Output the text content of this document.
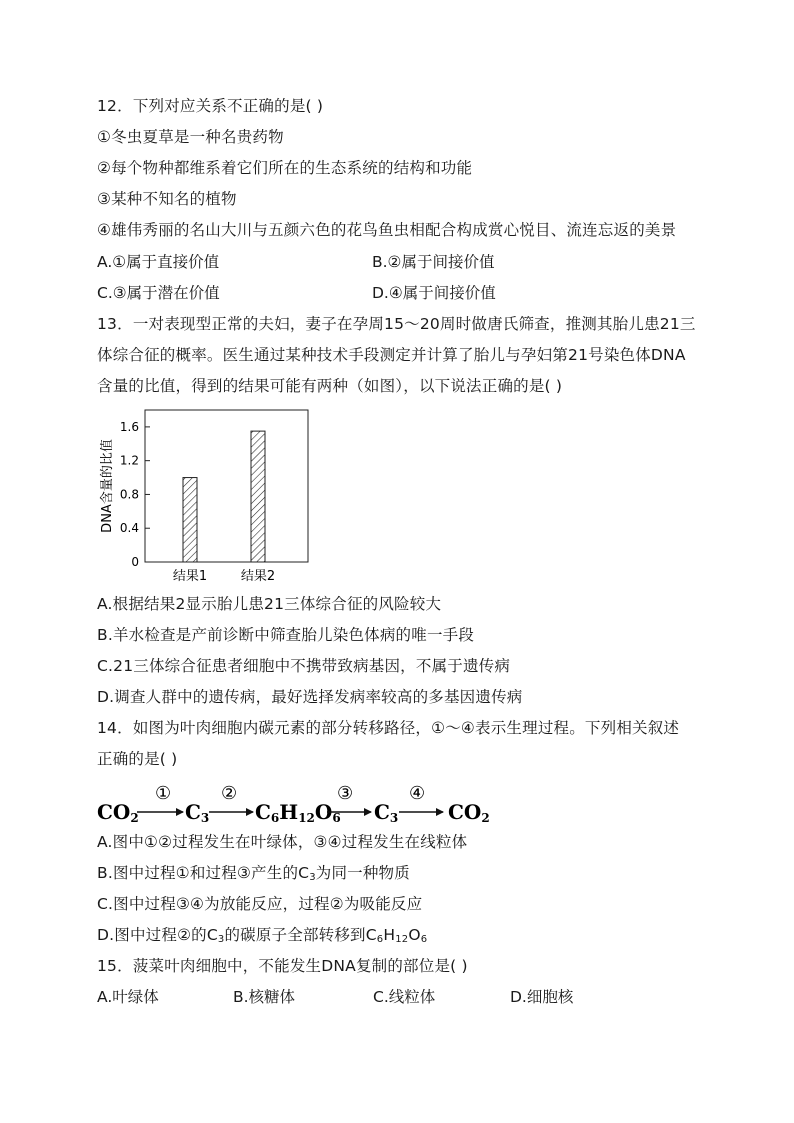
12．下列对应关系不正确的是( )
①冬虫夏草是一种名贵药物
②每个物种都维系着它们所在的生态系统的结构和功能
③某种不知名的植物
④雄伟秀丽的名山大川与五颜六色的花鸟鱼虫相配合构成赏心悦目、流连忘返的美景
A.①属于直接价值	B.②属于间接价值
C.③属于潜在价值	D.④属于间接价值
13．一对表现型正常的夫妇，妻子在孕周15～20周时做唐氏筛查，推测其胎儿患21三
体综合征的概率。医生通过某种技术手段测定并计算了胎儿与孕妇第21号染色体DNA
含量的比值，得到的结果可能有两种（如图），以下说法正确的是( )
0
0.4
0.8
1.2
1.6
结果1	结果2
DNA含量的比值
A.根据结果2显示胎儿患21三体综合征的风险较大
B.羊水检查是产前诊断中筛查胎儿染色体病的唯一手段
C.21三体综合征患者细胞中不携带致病基因，不属于遗传病
D.调查人群中的遗传病，最好选择发病率较高的多基因遗传病
14．如图为叶肉细胞内碳元素的部分转移路径，①～④表示生理过程。下列相关叙述
正确的是( )
CO2
①
C3
②
C6H12O6
③
C3
④
CO2
A.图中①②过程发生在叶绿体，③④过程发生在线粒体
B.图中过程①和过程③产生的$C_3$为同一种物质
C.图中过程③④为放能反应，过程②为吸能反应
D.图中过程②的$C_3$的碳原子全部转移到$C_6H_{12}O_6$
15．菠菜叶肉细胞中，不能发生DNA复制的部位是( )
A.叶绿体	B.核糖体	C.线粒体	D.细胞核
